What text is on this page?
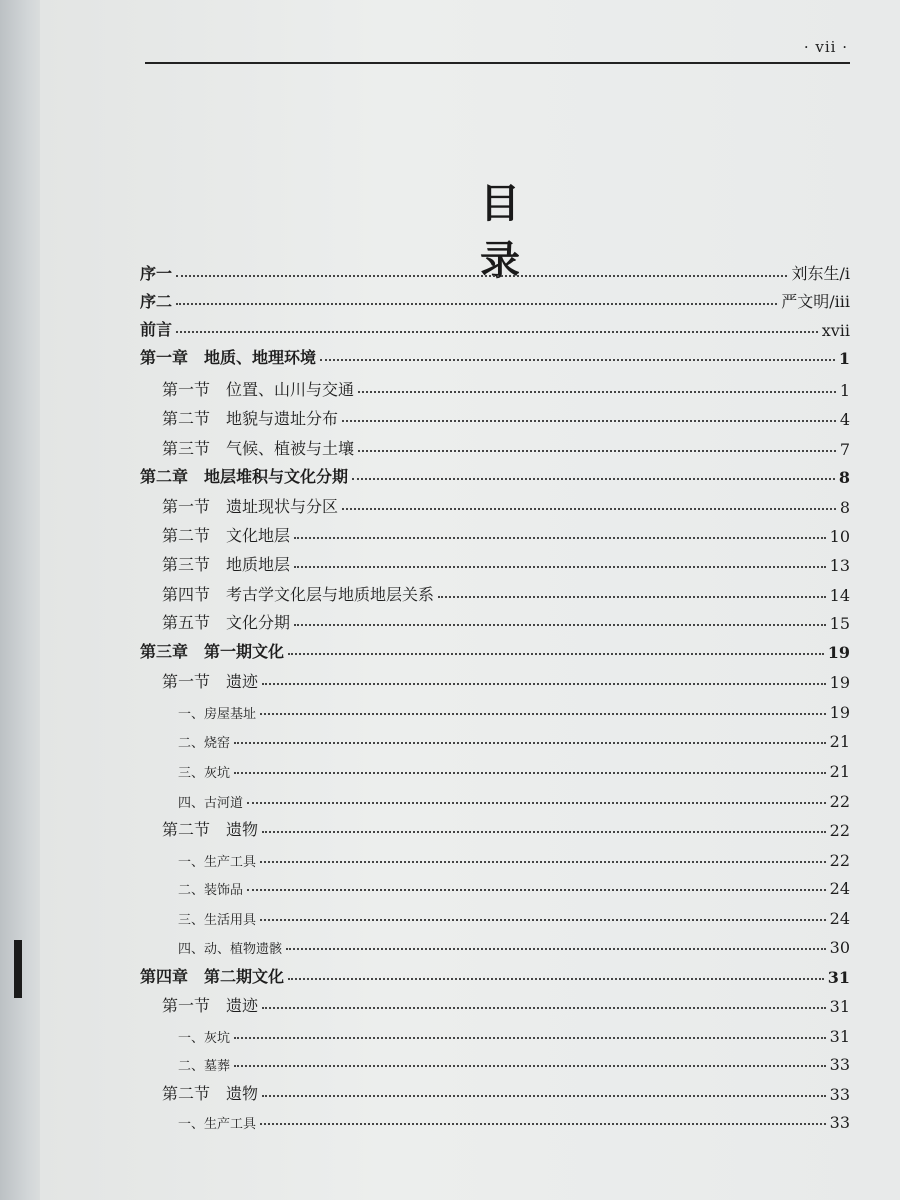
· vii ·
目录
序一	刘东生/i
序二	严文明/iii
前言	xvii
第一章　地质、地理环境	1
第一节　位置、山川与交通	1
第二节　地貌与遗址分布	4
第三节　气候、植被与土壤	7
第二章　地层堆积与文化分期	8
第一节　遗址现状与分区	8
第二节　文化地层	10
第三节　地质地层	13
第四节　考古学文化层与地质地层关系	14
第五节　文化分期	15
第三章　第一期文化	19
第一节　遗迹	19
一、房屋基址	19
二、烧窑	21
三、灰坑	21
四、古河道	22
第二节　遗物	22
一、生产工具	22
二、装饰品	24
三、生活用具	24
四、动、植物遗骸	30
第四章　第二期文化	31
第一节　遗迹	31
一、灰坑	31
二、墓葬	33
第二节　遗物	33
一、生产工具	33
